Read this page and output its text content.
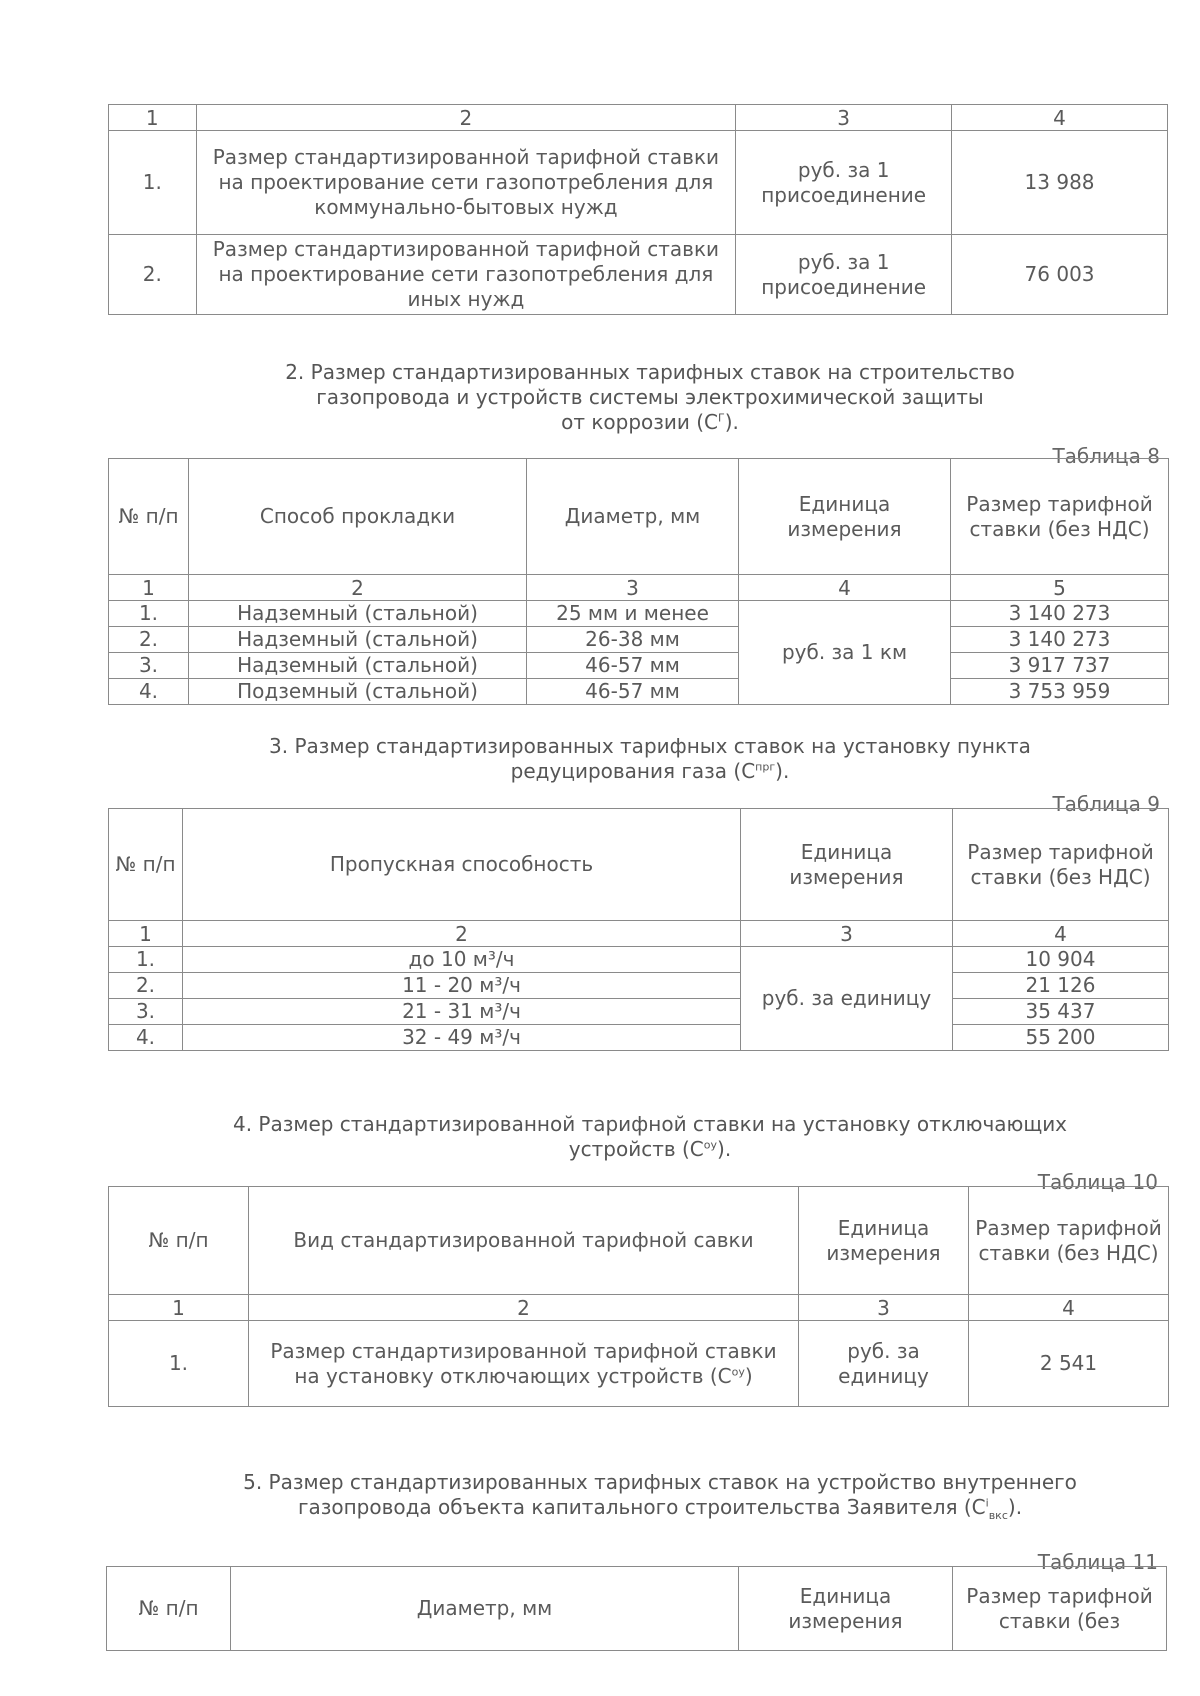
1	2	3	4
1.	Размер стандартизированной тарифной ставки на проектирование сети газопотребления для коммунально-бытовых нужд	руб. за 1 присоединение	13 988
2.	Размер стандартизированной тарифной ставки на проектирование сети газопотребления для иных нужд	руб. за 1 присоединение	76 003
2. Размер стандартизированных тарифных ставок на строительство
газопровода и устройств системы электрохимической защиты
от коррозии $(С^Г)$.
Таблица 8
№ п/п	Способ прокладки	Диаметр, мм	Единица измерения	Размер тарифной ставки (без НДС)
1	2	3	4	5
1.	Надземный (стальной)	25 мм и менее	руб. за 1 км	3 140 273
2.	Надземный (стальной)	26-38 мм		3 140 273
3.	Надземный (стальной)	46-57 мм		3 917 737
4.	Подземный (стальной)	46-57 мм		3 753 959
3. Размер стандартизированных тарифных ставок на установку пункта
редуцирования газа $(С^{прг})$.
Таблица 9
№ п/п	Пропускная способность	Единица измерения	Размер тарифной ставки (без НДС)
1	2	3	4
1.	до 10 м³/ч	руб. за единицу	10 904
2.	11 - 20 м³/ч		21 126
3.	21 - 31 м³/ч		35 437
4.	32 - 49 м³/ч		55 200
4. Размер стандартизированной тарифной ставки на установку отключающих
устройств $(С^{оу})$.
Таблица 10
№ п/п	Вид стандартизированной тарифной савки	Единица измерения	Размер тарифной ставки (без НДС)
1	2	3	4
1.	Размер стандартизированной тарифной ставки на установку отключающих устройств $(С^{оу})$	руб. за единицу	2 541
5. Размер стандартизированных тарифных ставок на устройство внутреннего
газопровода объекта капитального строительства Заявителя $(С^i_{вкс})$.
Таблица 11
№ п/п	Диаметр, мм	Единица измерения	Размер тарифной ставки (без
